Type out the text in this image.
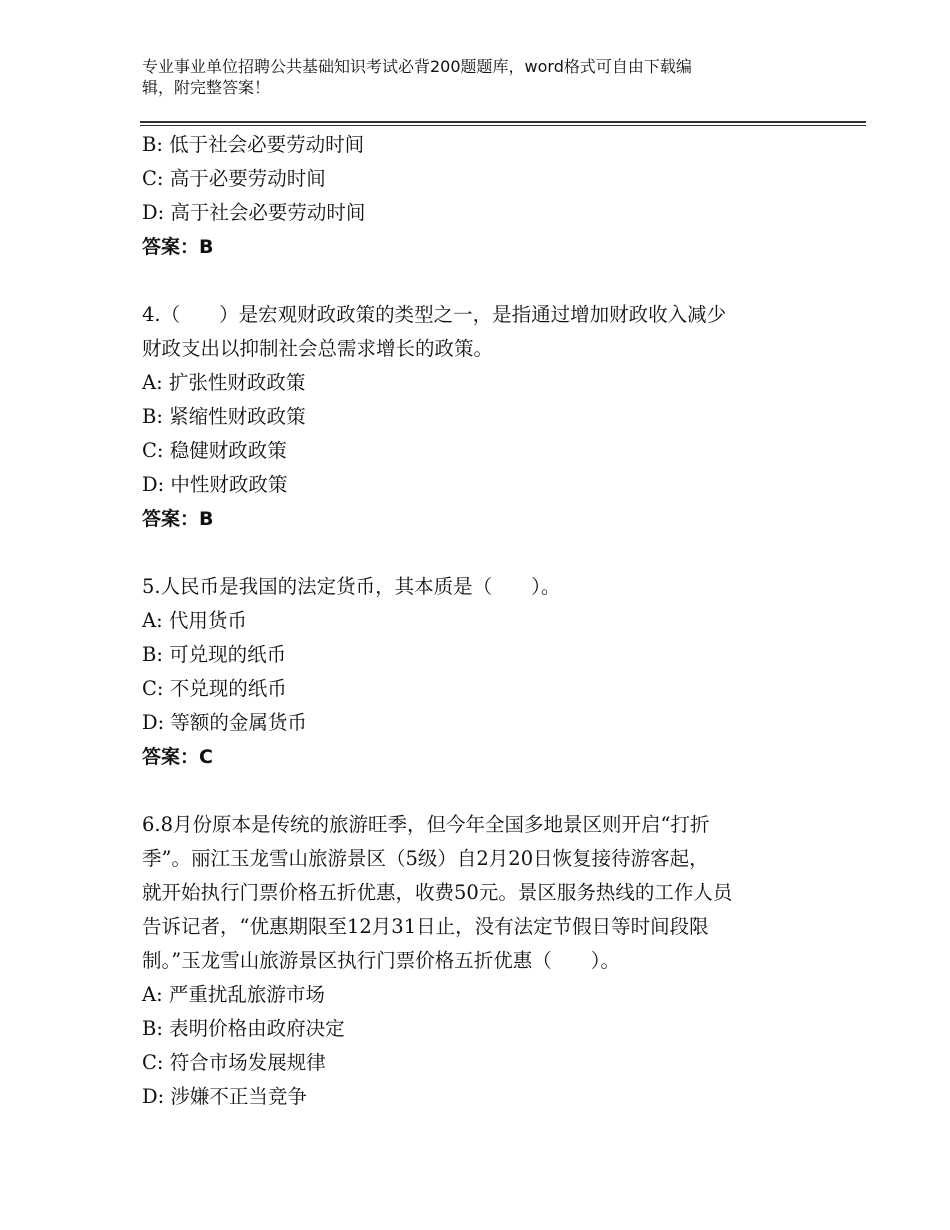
专业事业单位招聘公共基础知识考试必背200题题库，word格式可自由下载编
辑，附完整答案！
B: 低于社会必要劳动时间
C: 高于必要劳动时间
D: 高于社会必要劳动时间
答案：B
4.（　　）是宏观财政政策的类型之一，是指通过增加财政收入减少
财政支出以抑制社会总需求增长的政策。
A: 扩张性财政政策
B: 紧缩性财政政策
C: 稳健财政政策
D: 中性财政政策
答案：B
5.人民币是我国的法定货币，其本质是（　　）。
A: 代用货币
B: 可兑现的纸币
C: 不兑现的纸币
D: 等额的金属货币
答案：C
6.8月份原本是传统的旅游旺季，但今年全国多地景区则开启“打折
季”。丽江玉龙雪山旅游景区（5级）自2月20日恢复接待游客起，
就开始执行门票价格五折优惠，收费50元。景区服务热线的工作人员
告诉记者，“优惠期限至12月31日止，没有法定节假日等时间段限
制。”玉龙雪山旅游景区执行门票价格五折优惠（　　）。
A: 严重扰乱旅游市场
B: 表明价格由政府决定
C: 符合市场发展规律
D: 涉嫌不正当竞争
